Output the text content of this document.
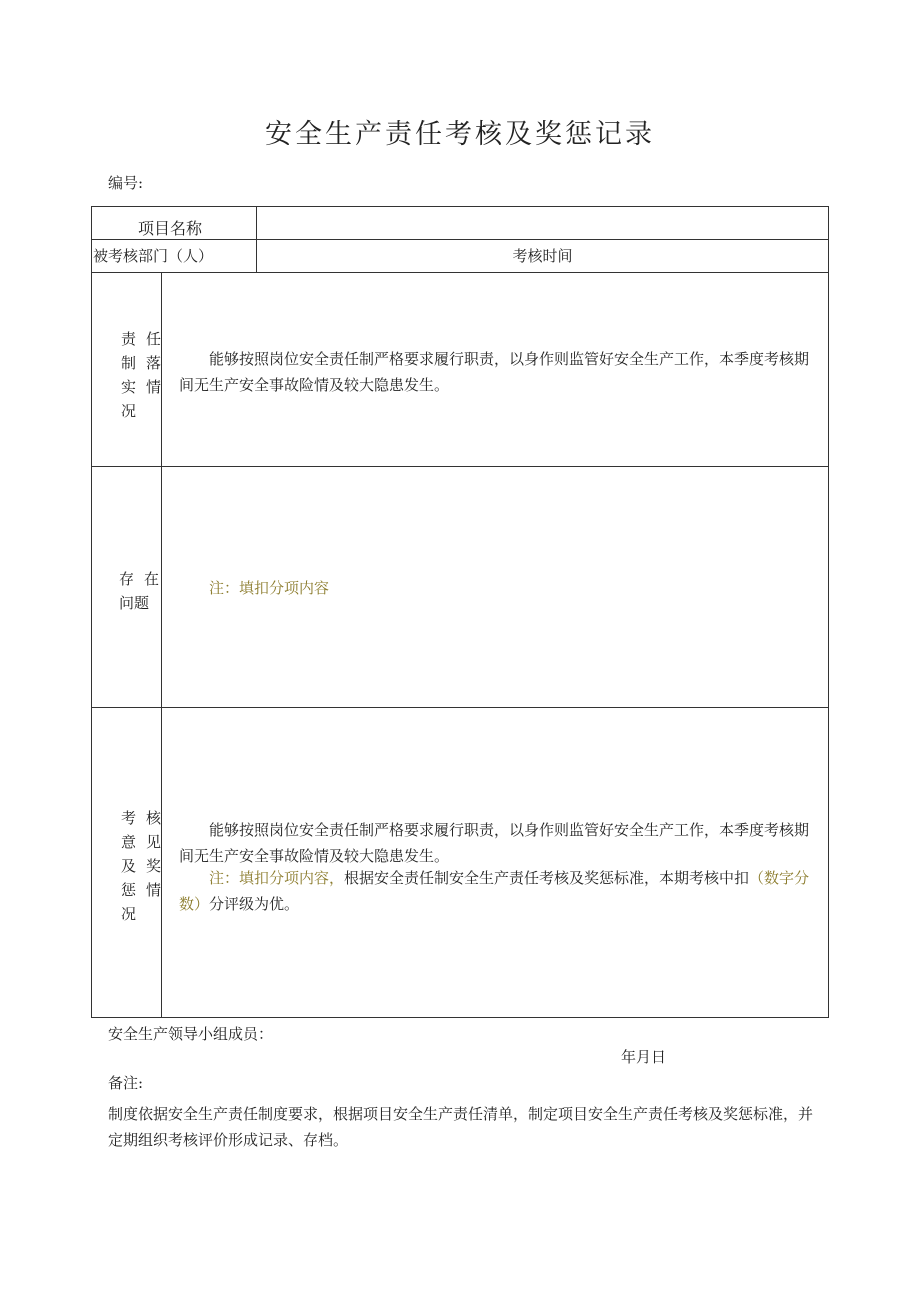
安全生产责任考核及奖惩记录
编号:
项目名称
被考核部门（人）	考核时间
责 任
制 落
实 情
况
能够按照岗位安全责任制严格要求履行职责，以身作则监管好安全生产工作，本季度考核期间无生产安全事故险情及较大隐患发生。
存 在
问题
注：填扣分项内容
考 核
意 见
及 奖
惩 情
况
能够按照岗位安全责任制严格要求履行职责，以身作则监管好安全生产工作，本季度考核期间无生产安全事故险情及较大隐患发生。
注：填扣分项内容，根据安全责任制安全生产责任考核及奖惩标准，本期考核中扣（数字分数）分评级为优。
安全生产领导小组成员：
年月日
备注:
制度依据安全生产责任制度要求，根据项目安全生产责任清单，制定项目安全生产责任考核及奖惩标准，并定期组织考核评价形成记录、存档。
